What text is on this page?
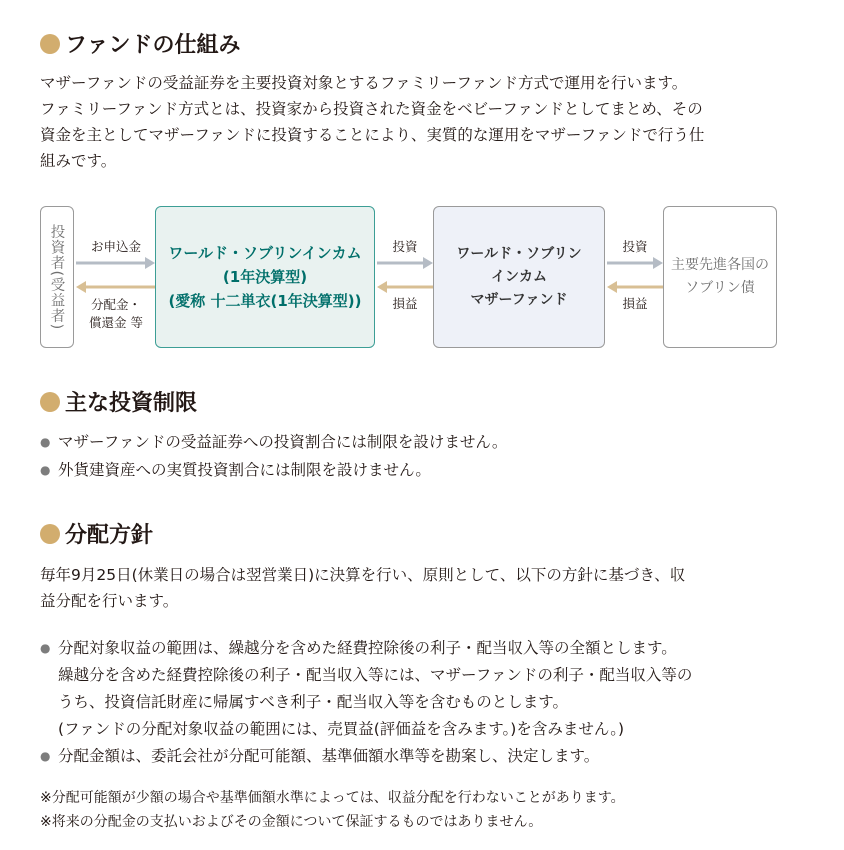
ファンドの仕組み

マザーファンドの受益証券を主要投資対象とするファミリーファンド方式で運用を行います。
ファミリーファンド方式とは、投資家から投資された資金をベビーファンドとしてまとめ、その
資金を主としてマザーファンドに投資することにより、実質的な運用をマザーファンドで行う仕
組みです。

投資者(受益者)	ワールド・ソブリンインカム
(1年決算型)
(愛称 十二単衣(1年決算型))
ワールド・ソブリン
インカム
マザーファンド
主要先進各国の
ソブリン債
お申込金
分配金・
償還金 等
投資
損益
投資
損益
主な投資制限
● マザーファンドの受益証券への投資割合には制限を設けません。
● 外貨建資産への実質投資割合には制限を設けません。
分配方針

毎年9月25日(休業日の場合は翌営業日)に決算を行い、原則として、以下の方針に基づき、収
益分配を行います。

● 分配対象収益の範囲は、繰越分を含めた経費控除後の利子・配当収入等の全額とします。
繰越分を含めた経費控除後の利子・配当収入等には、マザーファンドの利子・配当収入等の
うち、投資信託財産に帰属すべき利子・配当収入等を含むものとします。
(ファンドの分配対象収益の範囲には、売買益(評価益を含みます。)を含みません。)
● 分配金額は、委託会社が分配可能額、基準価額水準等を勘案し、決定します。

※分配可能額が少額の場合や基準価額水準によっては、収益分配を行わないことがあります。
※将来の分配金の支払いおよびその金額について保証するものではありません。
